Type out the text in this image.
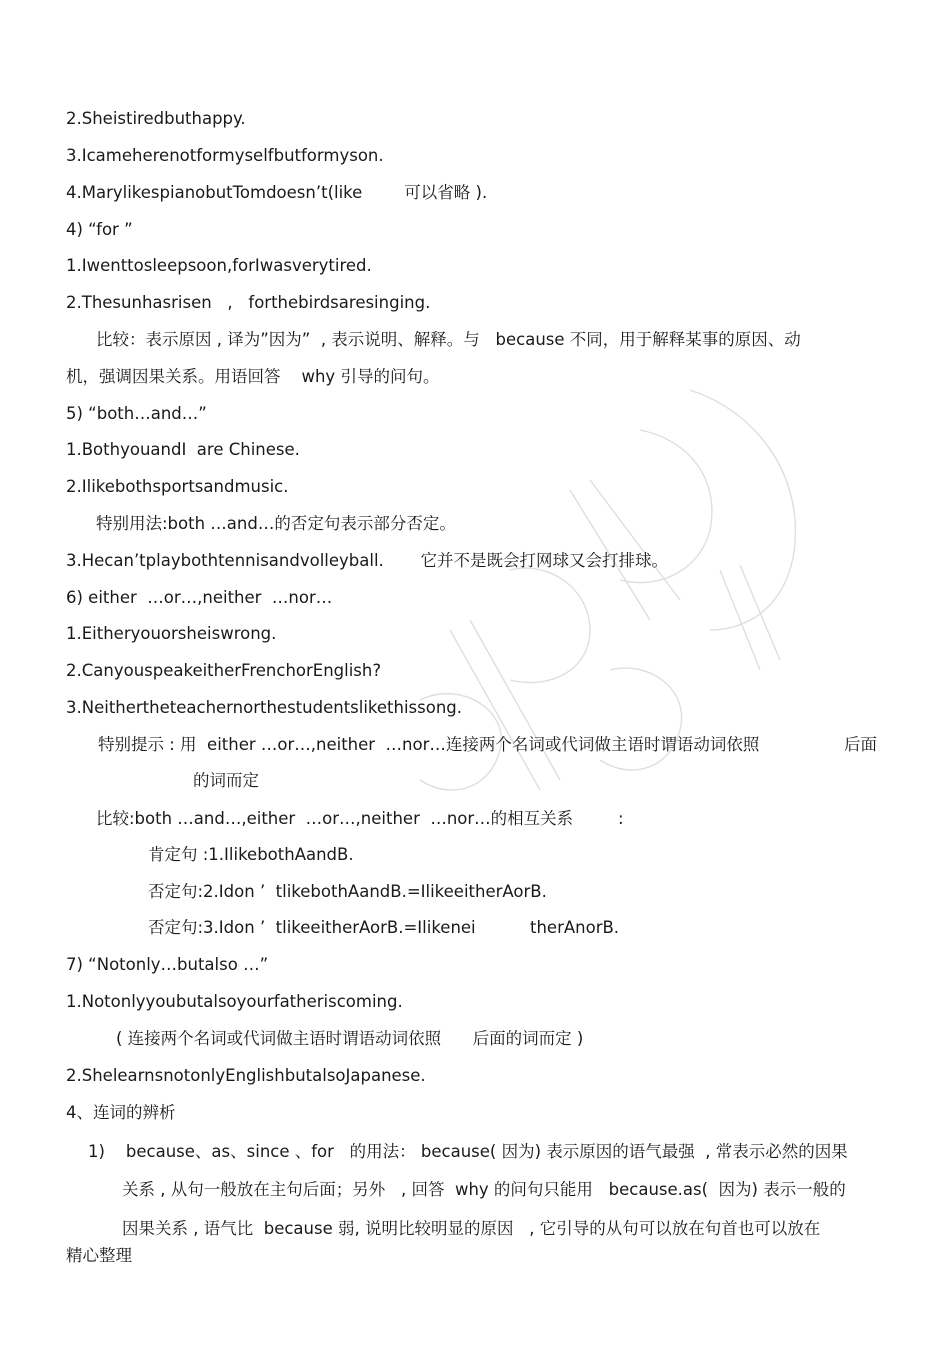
2.Sheistiredbuthappy.
3.Icameherenotformyselfbutformyson.
4.MarylikespianobutTomdoesn’t(like        可以省略 ).
4) “for ”
1.Iwenttosleepsoon,forIwasverytired.
2.Thesunhasrisen   ,   forthebirdsaresinging.
比较：表示原因 , 译为”因为”  , 表示说明、解释。与   because 不同，用于解释某事的原因、动
机，强调因果关系。用语回答    why 引导的问句。
5) “both…and…”
1.BothyouandI  are Chinese.
2.Ilikebothsportsandmusic.
特别用法:both …and…的否定句表示部分否定。
3.Hecan’tplaybothtennisandvolleyball.       它并不是既会打网球又会打排球。
6) either  …or…,neither  …nor…
1.Eitheryouorsheiswrong.
2.CanyouspeakeitherFrenchorEnglish?
3.Neithertheteachernorthestudentslikethissong.
特别提示 : 用  either …or…,neither  …nor…连接两个名词或代词做主语时谓语动词依照	后面
的词而定
比较:both …and…,either  …or…,neither  …nor…的相互关系	:
肯定句 :1.IlikebothAandB.
否定句:2.Idon ’  tlikebothAandB.=IlikeeitherAorB.
否定句:3.Idon ’  tlikeeitherAorB.=Ilikenei	therAnorB.
7) “Notonly…butalso …”
1.Notonlyyoubutalsoyourfatheriscoming.
( 连接两个名词或代词做主语时谓语动词依照      后面的词而定 )
2.ShelearnsnotonlyEnglishbutalsoJapanese.
4、连词的辨析
1)    because、as、since 、for   的用法： because( 因为) 表示原因的语气最强  , 常表示必然的因果
关系 , 从句一般放在主句后面；另外   , 回答  why 的问句只能用   because.as(  因为) 表示一般的
因果关系 , 语气比  because 弱, 说明比较明显的原因   , 它引导的从句可以放在句首也可以放在
精心整理
